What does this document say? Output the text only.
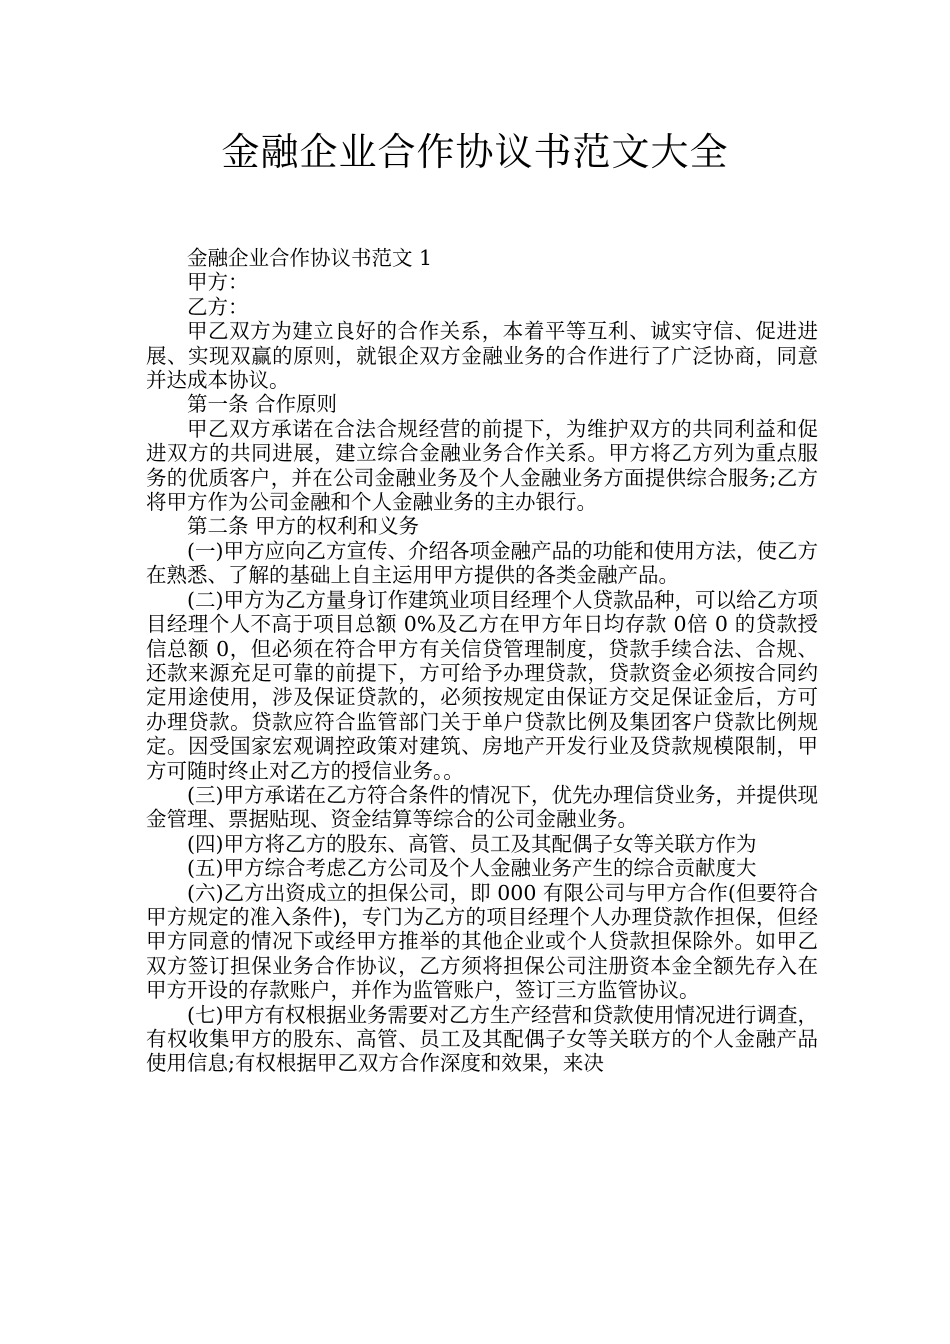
金融企业合作协议书范文大全

金融企业合作协议书范文 1

甲方：

乙方：

甲乙双方为建立良好的合作关系，本着平等互利、诚实守信、促进进展、实现双赢的原则，就银企双方金融业务的合作进行了广泛协商，同意并达成本协议。

第一条 合作原则

甲乙双方承诺在合法合规经营的前提下，为维护双方的共同利益和促进双方的共同进展，建立综合金融业务合作关系。甲方将乙方列为重点服务的优质客户，并在公司金融业务及个人金融业务方面提供综合服务;乙方将甲方作为公司金融和个人金融业务的主办银行。

第二条 甲方的权利和义务

(一)甲方应向乙方宣传、介绍各项金融产品的功能和使用方法，使乙方在熟悉、了解的基础上自主运用甲方提供的各类金融产品。

(二)甲方为乙方量身订作建筑业项目经理个人贷款品种，可以给乙方项目经理个人不高于项目总额 0%及乙方在甲方年日均存款 0倍 0 的贷款授信总额 0，但必须在符合甲方有关信贷管理制度，贷款手续合法、合规、还款来源充足可靠的前提下，方可给予办理贷款，贷款资金必须按合同约定用途使用，涉及保证贷款的，必须按规定由保证方交足保证金后，方可办理贷款。贷款应符合监管部门关于单户贷款比例及集团客户贷款比例规定。因受国家宏观调控政策对建筑、房地产开发行业及贷款规模限制，甲方可随时终止对乙方的授信业务。。

(三)甲方承诺在乙方符合条件的情况下，优先办理信贷业务，并提供现金管理、票据贴现、资金结算等综合的公司金融业务。

(四)甲方将乙方的股东、高管、员工及其配偶子女等关联方作为

(五)甲方综合考虑乙方公司及个人金融业务产生的综合贡献度大

(六)乙方出资成立的担保公司，即 000 有限公司与甲方合作(但要符合甲方规定的准入条件)，专门为乙方的项目经理个人办理贷款作担保，但经甲方同意的情况下或经甲方推举的其他企业或个人贷款担保除外。如甲乙双方签订担保业务合作协议，乙方须将担保公司注册资本金全额先存入在甲方开设的存款账户，并作为监管账户，签订三方监管协议。

(七)甲方有权根据业务需要对乙方生产经营和贷款使用情况进行调查，有权收集甲方的股东、高管、员工及其配偶子女等关联方的个人金融产品使用信息;有权根据甲乙双方合作深度和效果，来决
